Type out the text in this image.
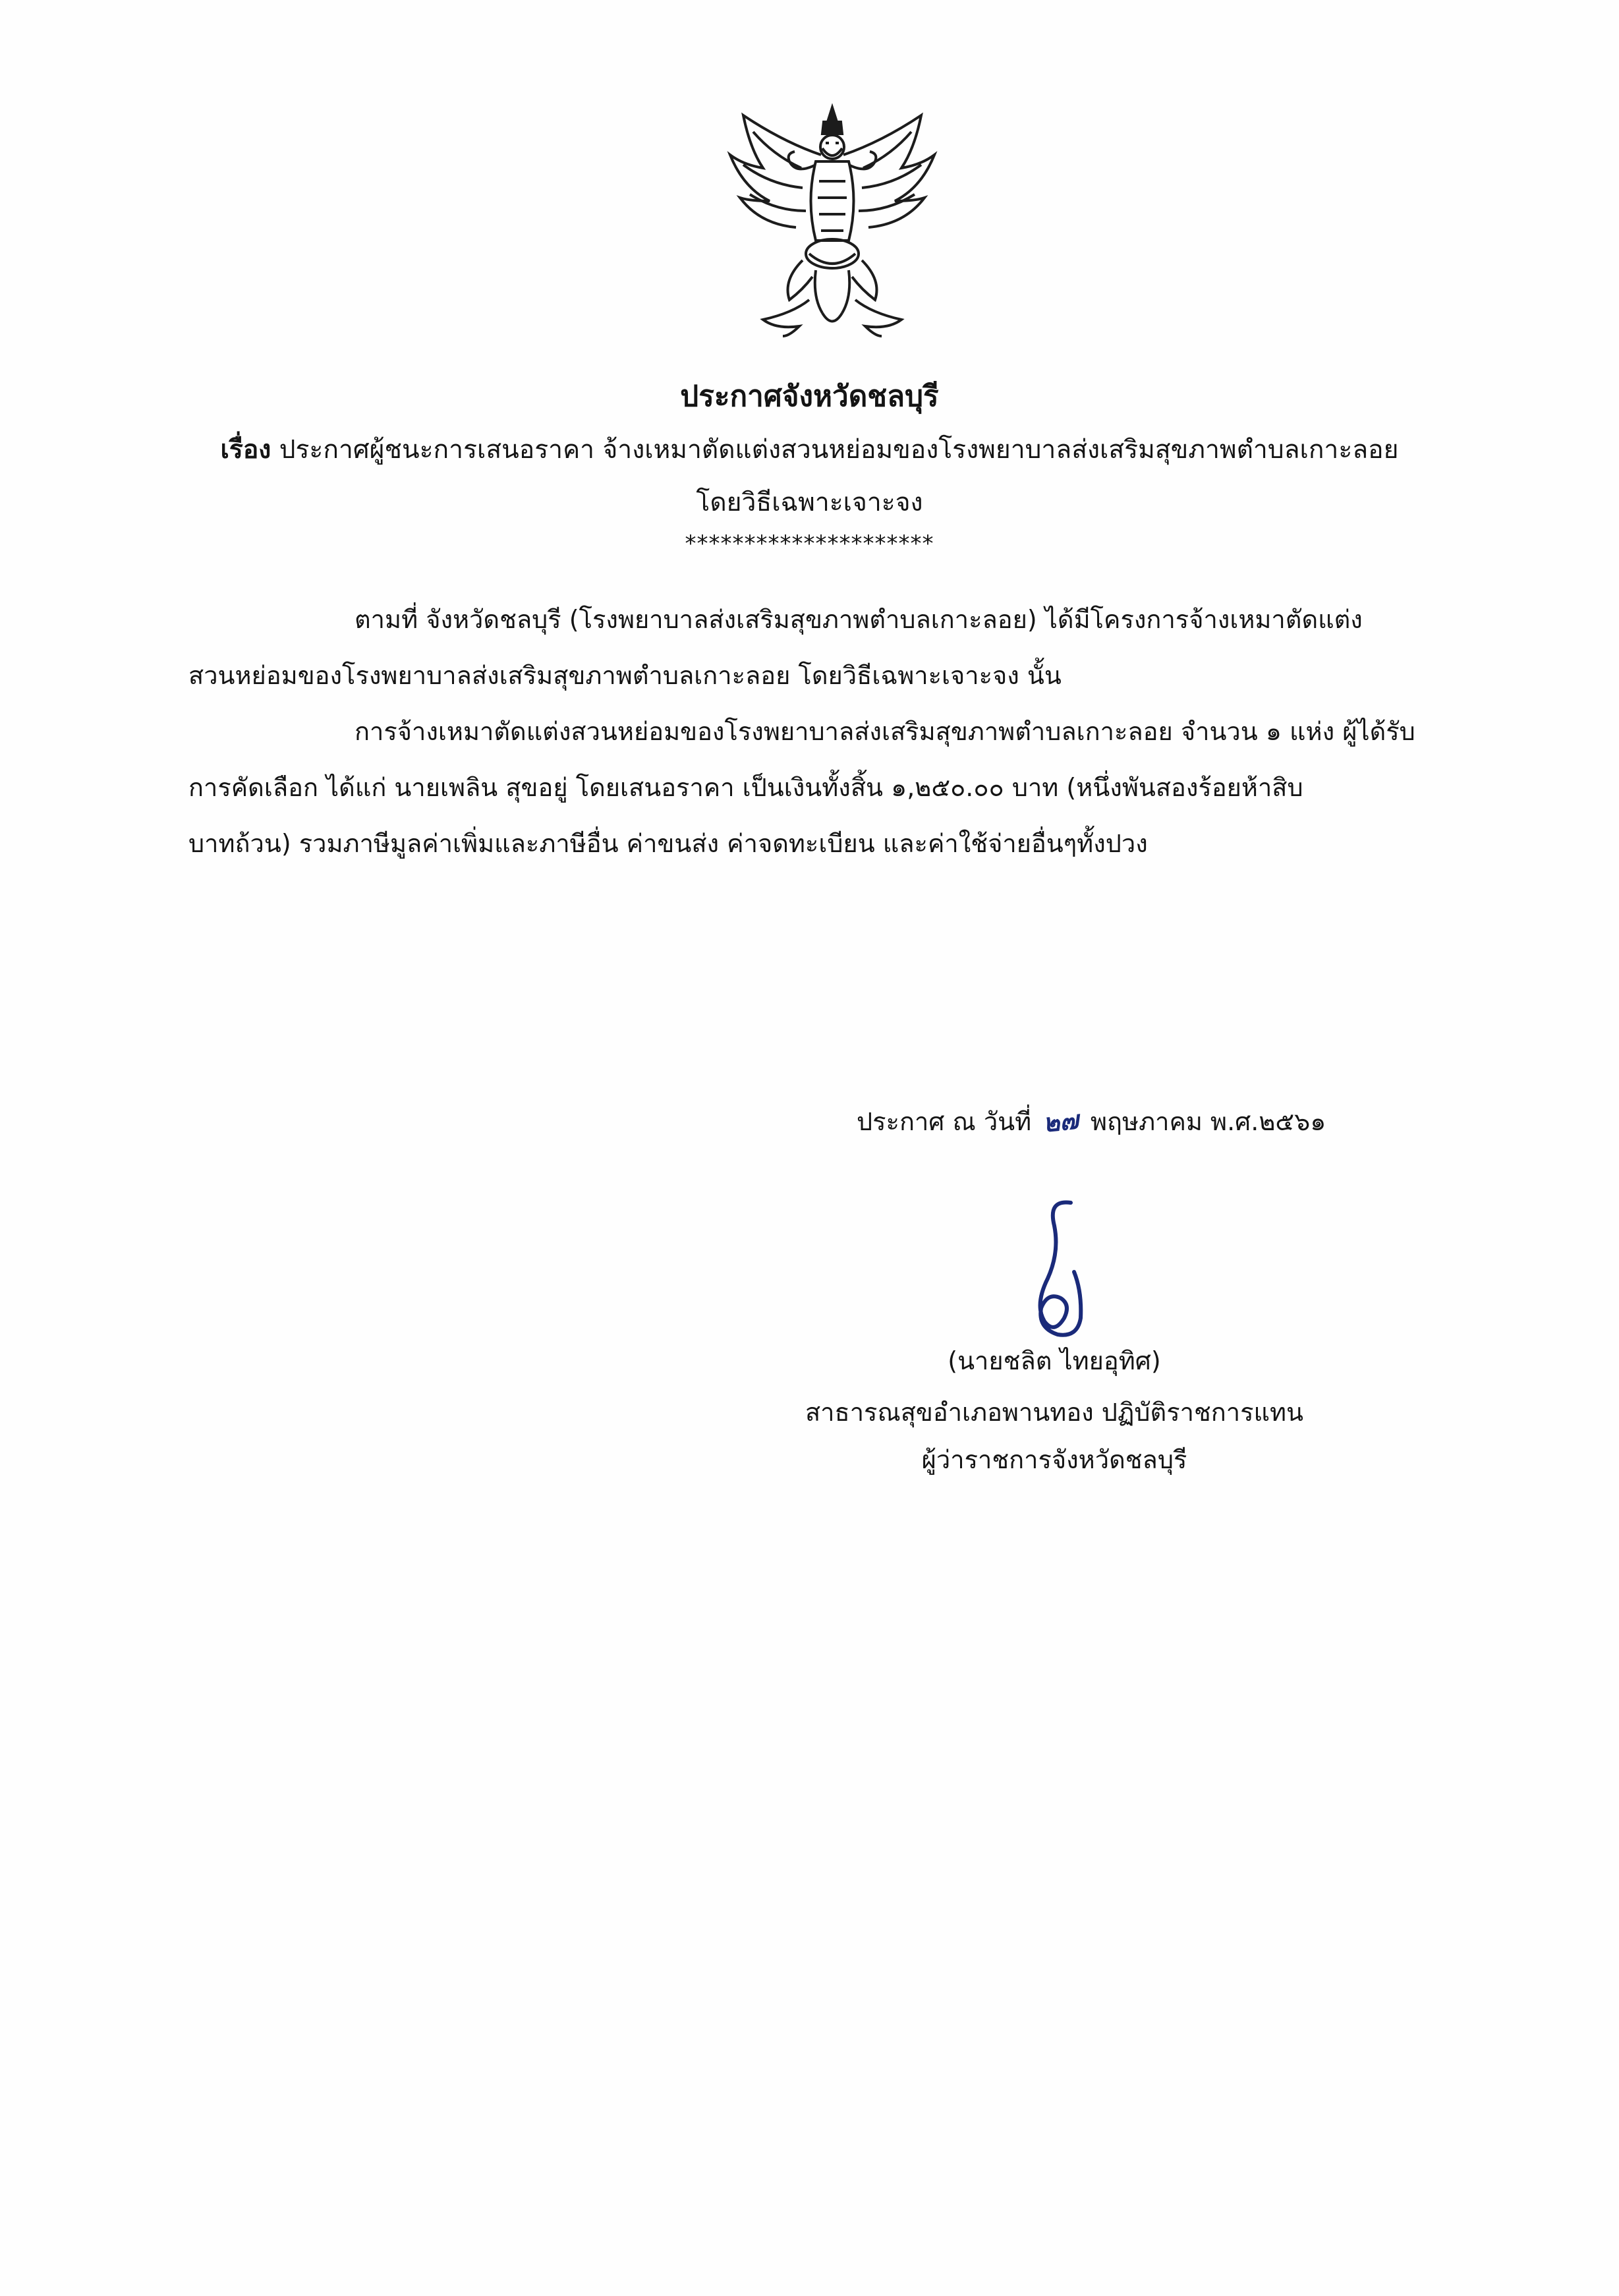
ประกาศจังหวัดชลบุรี
เรื่อง ประกาศผู้ชนะการเสนอราคา จ้างเหมาตัดแต่งสวนหย่อมของโรงพยาบาลส่งเสริมสุขภาพตำบลเกาะลอย
โดยวิธีเฉพาะเจาะจง
*********************
ตามที่ จังหวัดชลบุรี (โรงพยาบาลส่งเสริมสุขภาพตำบลเกาะลอย) ได้มีโครงการจ้างเหมาตัดแต่ง
สวนหย่อมของโรงพยาบาลส่งเสริมสุขภาพตำบลเกาะลอย โดยวิธีเฉพาะเจาะจง นั้น
การจ้างเหมาตัดแต่งสวนหย่อมของโรงพยาบาลส่งเสริมสุขภาพตำบลเกาะลอย จำนวน ๑ แห่ง ผู้ได้รับ
การคัดเลือก ได้แก่ นายเพลิน สุขอยู่ โดยเสนอราคา เป็นเงินทั้งสิ้น ๑,๒๕๐.๐๐ บาท (หนึ่งพันสองร้อยห้าสิบ
บาทถ้วน) รวมภาษีมูลค่าเพิ่มและภาษีอื่น ค่าขนส่ง ค่าจดทะเบียน และค่าใช้จ่ายอื่นๆทั้งปวง
ประกาศ ณ วันที่ ๒๗ พฤษภาคม พ.ศ.๒๕๖๑
(นายชลิต ไทยอุทิศ)
สาธารณสุขอำเภอพานทอง ปฏิบัติราชการแทน
ผู้ว่าราชการจังหวัดชลบุรี
